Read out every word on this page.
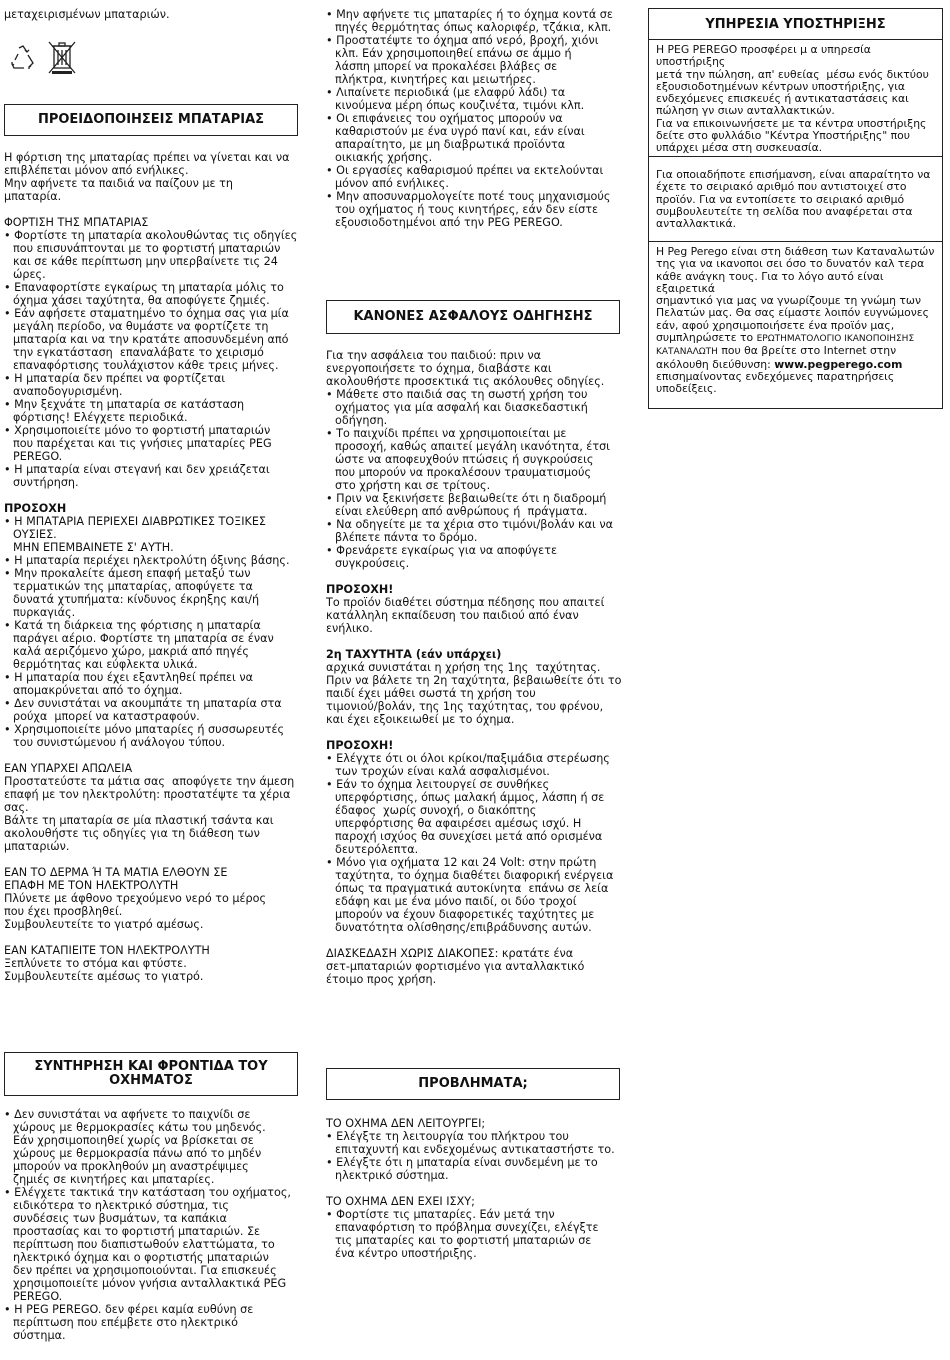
μεταχειρισμένων μπαταριών.

ΠΡΟΕΙΔΟΠΟΙΗΣΕΙΣ ΜΠΑΤΑΡΙΑΣ

Η φόρτιση της μπαταρίας πρέπει να γίνεται και να
επιβλέπεται μόνον από ενήλικες.
Μην αφήνετε τα παιδιά να παίζουν με τη
μπαταρία.

ΦΟΡΤΙΣΗ ΤΗΣ ΜΠΑΤΑΡΙΑΣ

• Φορτίστε τη μπαταρία ακολουθώντας τις οδηγίες
που επισυνάπτονται με το φορτιστή μπαταριών
και σε κάθε περίπτωση μην υπερβαίνετε τις 24
ώρες.

• Επαναφορτίστε εγκαίρως τη μπαταρία μόλις το
όχημα χάσει ταχύτητα, θα αποφύγετε ζημιές.

• Εάν αφήσετε σταματημένο το όχημα σας για μία
μεγάλη περίοδο, να θυμάστε να φορτίζετε τη
μπαταρία και να την κρατάτε αποσυνδεμένη από
την εγκατάσταση  επαναλάβατε το χειρισμό
επαναφόρτισης τουλάχιστον κάθε τρεις μήνες.

• Η μπαταρία δεν πρέπει να φορτίζεται
αναποδογυρισμένη.

• Μην ξεχνάτε τη μπαταρία σε κατάσταση
φόρτισης! Ελέγχετε περιοδικά.

• Χρησιμοποιείτε μόνο το φορτιστή μπαταριών
που παρέχεται και τις γνήσιες μπαταρίες PEG
PEREGO.

• Η μπαταρία είναι στεγανή και δεν χρειάζεται
συντήρηση.

ΠΡΟΣΟΧΗ

• Η ΜΠΑΤΑΡΙΑ ΠΕΡΙΕΧΕΙ ΔΙΑΒΡΩΤΙΚΕΣ ΤΟΞΙΚΕΣ
ΟΥΣΙΕΣ.
ΜΗΝ ΕΠΕΜΒΑΙΝΕΤΕ Σ' ΑΥΤΗ.

• Η μπαταρία περιέχει ηλεκτρολύτη όξινης βάσης.

• Μην προκαλείτε άμεση επαφή μεταξύ των
τερματικών της μπαταρίας, αποφύγετε τα
δυνατά χτυπήματα: κίνδυνος έκρηξης και/ή
πυρκαγιάς.

• Κατά τη διάρκεια της φόρτισης η μπαταρία
παράγει αέριο. Φορτίστε τη μπαταρία σε έναν
καλά αεριζόμενο χώρο, μακριά από πηγές
θερμότητας και εύφλεκτα υλικά.

• Η μπαταρία που έχει εξαντληθεί πρέπει να
απομακρύνεται από το όχημα.

• Δεν συνιστάται να ακουμπάτε τη μπαταρία στα
ρούχα  μπορεί να καταστραφούν.

• Χρησιμοποιείτε μόνο μπαταρίες ή συσσωρευτές
του συνιστώμενου ή ανάλογου τύπου.

ΕΑΝ ΥΠΑΡΧΕΙ ΑΠΩΛΕΙΑ

Προστατεύστε τα μάτια σας  αποφύγετε την άμεση
επαφή με τον ηλεκτρολύτη: προστατέψτε τα χέρια
σας.
Βάλτε τη μπαταρία σε μία πλαστική τσάντα και
ακολουθήστε τις οδηγίες για τη διάθεση των
μπαταριών.

ΕΑΝ ΤΟ ΔΕΡΜΑ Ή ΤΑ ΜΑΤΙΑ ΕΛΘΟΥΝ ΣΕ
ΕΠΑΦΗ ΜΕ ΤΟΝ ΗΛΕΚΤΡΟΛΥΤΗ

Πλύνετε με άφθονο τρεχούμενο νερό το μέρος
που έχει προσβληθεί.
Συμβουλευτείτε το γιατρό αμέσως.

ΕΑΝ ΚΑΤΑΠΙΕΙΤΕ ΤΟΝ ΗΛΕΚΤΡΟΛΥΤΗ

Ξεπλύνετε το στόμα και φτύστε.
Συμβουλευτείτε αμέσως το γιατρό.

ΣΥΝΤΗΡΗΣΗ ΚΑΙ ΦΡΟΝΤΙΔΑ ΤΟΥ
ΟΧΗΜΑΤΟΣ

• Δεν συνιστάται να αφήνετε το παιχνίδι σε
χώρους με θερμοκρασίες κάτω του μηδενός.
Εάν χρησιμοποιηθεί χωρίς να βρίσκεται σε
χώρους με θερμοκρασία πάνω από το μηδέν
μπορούν να προκληθούν μη αναστρέψιμες
ζημιές σε κινητήρες και μπαταρίες.

• Ελέγχετε τακτικά την κατάσταση του οχήματος,
ειδικότερα το ηλεκτρικό σύστημα, τις
συνδέσεις των βυσμάτων, τα καπάκια
προστασίας και το φορτιστή μπαταριών. Σε
περίπτωση που διαπιστωθούν ελαττώματα, το
ηλεκτρικό όχημα και ο φορτιστής μπαταριών
δεν πρέπει να χρησιμοποιούνται. Για επισκευές
χρησιμοποιείτε μόνον γνήσια ανταλλακτικά PEG
PEREGO.

• Η PEG PEREGO. δεν φέρει καμία ευθύνη σε
περίπτωση που επέμβετε στο ηλεκτρικό
σύστημα.

• Μην αφήνετε τις μπαταρίες ή το όχημα κοντά σε
πηγές θερμότητας όπως καλοριφέρ, τζάκια, κλπ.

• Προστατέψτε το όχημα από νερό, βροχή, χιόνι
κλπ. Εάν χρησιμοποιηθεί επάνω σε άμμο ή
λάσπη μπορεί να προκαλέσει βλάβες σε
πλήκτρα, κινητήρες και μειωτήρες.

• Λιπαίνετε περιοδικά (με ελαφρύ λάδι) τα
κινούμενα μέρη όπως κουζινέτα, τιμόνι κλπ.

• Οι επιφάνειες του οχήματος μπορούν να
καθαριστούν με ένα υγρό πανί και, εάν είναι
απαραίτητο, με μη διαβρωτικά προϊόντα
οικιακής χρήσης.

• Οι εργασίες καθαρισμού πρέπει να εκτελούνται
μόνον από ενήλικες.

• Μην αποσυναρμολογείτε ποτέ τους μηχανισμούς
του οχήματος ή τους κινητήρες, εάν δεν είστε
εξουσιοδοτημένοι από την PEG PEREGO.

ΚΑΝΟΝΕΣ ΑΣΦΑΛΟΥΣ ΟΔΗΓΗΣΗΣ

Για την ασφάλεια του παιδιού: πριν να
ενεργοποιήσετε το όχημα, διαβάστε και
ακολουθήστε προσεκτικά τις ακόλουθες οδηγίες.

• Μάθετε στο παιδιά σας τη σωστή χρήση του
οχήματος για μία ασφαλή και διασκεδαστική
οδήγηση.

• Το παιχνίδι πρέπει να χρησιμοποιείται με
προσοχή, καθώς απαιτεί μεγάλη ικανότητα, έτσι
ώστε να αποφευχθούν πτώσεις ή συγκρούσεις
που μπορούν να προκαλέσουν τραυματισμούς
στο χρήστη και σε τρίτους.

• Πριν να ξεκινήσετε βεβαιωθείτε ότι η διαδρομή
είναι ελεύθερη από ανθρώπους ή  πράγματα.

• Να οδηγείτε με τα χέρια στο τιμόνι/βολάν και να
βλέπετε πάντα το δρόμο.

• Φρενάρετε εγκαίρως για να αποφύγετε
συγκρούσεις.

ΠΡΟΣΟΧΗ!

Το προϊόν διαθέτει σύστημα πέδησης που απαιτεί
κατάλληλη εκπαίδευση του παιδιού από έναν
ενήλικο.

2η ΤΑΧΥΤΗΤΑ (εάν υπάρχει)

αρχικά συνιστάται η χρήση της 1ης  ταχύτητας.
Πριν να βάλετε τη 2η ταχύτητα, βεβαιωθείτε ότι το
παιδί έχει μάθει σωστά τη χρήση του
τιμονιού/βολάν, της 1ης ταχύτητας, του φρένου,
και έχει εξοικειωθεί με το όχημα.

ΠΡΟΣΟΧΗ!

• Ελέγχτε ότι οι όλοι κρίκοι/παξιμάδια στερέωσης
των τροχών είναι καλά ασφαλισμένοι.

• Εάν το όχημα λειτουργεί σε συνθήκες
υπερφόρτισης, όπως μαλακή άμμος, λάσπη ή σε
έδαφος  χωρίς συνοχή, ο διακόπτης
υπερφόρτισης θα αφαιρέσει αμέσως ισχύ. Η
παροχή ισχύος θα συνεχίσει μετά από ορισμένα
δευτερόλεπτα.

• Μόνο για οχήματα 12 και 24 Volt: στην πρώτη
ταχύτητα, το όχημα διαθέτει διαφορική ενέργεια
όπως τα πραγματικά αυτοκίνητα  επάνω σε λεία
εδάφη και με ένα μόνο παιδί, οι δύο τροχοί
μπορούν να έχουν διαφορετικές ταχύτητες με
δυνατότητα ολίσθησης/επιβράδυνσης αυτών.

ΔΙΑΣΚΕΔΑΣΗ ΧΩΡΙΣ ΔΙΑΚΟΠΕΣ: κρατάτε ένα
σετ-μπαταριών φορτισμένο για ανταλλακτικό
έτοιμο προς χρήση.

ΠΡΟΒΛΗΜΑΤΑ;

ΤΟ ΟΧΗΜΑ ΔΕΝ ΛΕΙΤΟΥΡΓΕΙ;

• Ελέγξτε τη λειτουργία του πλήκτρου του
επιταχυντή και ενδεχομένως αντικαταστήστε το.

• Ελέγξτε ότι η μπαταρία είναι συνδεμένη με το
ηλεκτρικό σύστημα.

ΤΟ ΟΧΗΜΑ ΔΕΝ ΕΧΕΙ ΙΣΧΥ;

• Φορτίστε τις μπαταρίες. Εάν μετά την
επαναφόρτιση το πρόβλημα συνεχίζει, ελέγξτε
τις μπαταρίες και το φορτιστή μπαταριών σε
ένα κέντρο υποστήριξης.

ΥΠΗΡΕΣΙΑ ΥΠΟΣΤΗΡΙΞΗΣ
Η PEG PEREGO προσφέρει μ α υπηρεσία υποστήριξης
μετά την πώληση, απ' ευθείας  μέσω ενός δικτύου
εξουσιοδοτημένων κέντρων υποστήριξης, για
ενδεχόμενες επισκευές ή αντικαταστάσεις και
πώληση γν σιων ανταλλακτικών.
Για να επικοινωνήσετε με τα κέντρα υποστήριξης
δείτε στο φυλλάδιο "Κέντρα Υποστήριξης" που
υπάρχει μέσα στη συσκευασία.
Για οποιαδήποτε επισήμανση, είναι απαραίτητο να
έχετε το σειριακό αριθμό που αντιστοιχεί στο
προϊόν. Για να εντοπίσετε το σειριακό αριθμό
συμβουλευτείτε τη σελίδα που αναφέρεται στα
ανταλλακτικά.
Η Peg Perego είναι στη διάθεση των Καταναλωτών
της για να ικανοποι σει όσο το δυνατόν καλ τερα
κάθε ανάγκη τους. Για το λόγο αυτό είναι εξαιρετικά
σημαντικό για μας να γνωρίζουμε τη γνώμη των
Πελατών μας. Θα σας είμαστε λοιπόν ευγνώμονες
εάν, αφού χρησιμοποιήσετε ένα προϊόν μας,
συμπληρώσετε το ΕΡΩΤΗΜΑΤΟΛΟΓΙΟ ΙΚΑΝΟΠΟΙΗΣΗΣ
ΚΑΤΑΝΑΛΩΤΗ που θα βρείτε στο Internet στην
ακόλουθη διεύθυνση: www.pegperego.com
επισημαίνοντας ενδεχόμενες παρατηρήσεις
υποδείξεις.
